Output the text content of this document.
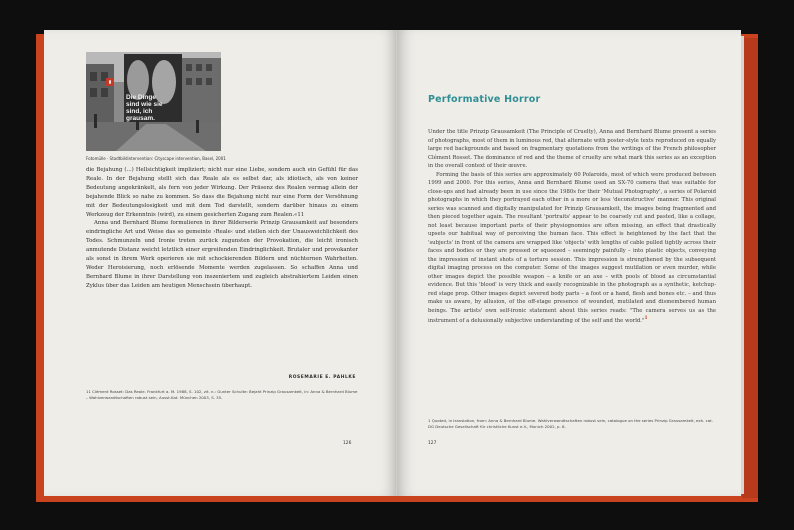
Die Dinge sind wie sie sind, ich grausam.
Fotomülle · Stadtbildintervention: Cityscape intervention, Basel, 2001
die Bejahung (...) Hellsichtigkeit impliziert; nicht nur eine Liebe, sondern auch ein Gefühl für das Reale. In der Bejahung stellt sich das Reale als es selbst dar, als idiotisch, als von keiner Bedeutung angekränkelt, als fern von jeder Wirkung. Der Präsenz des Realen vermag allein der bejahende Blick so nahe zu kommen. So dass die Bejahung nicht nur eine Form der Versöhnung mit der Bedeutungslosigkeit und mit dem Tod darstellt, sondern darüber hinaus zu einem Werkzeug der Erkenntnis (wird), zu einem gesicherten Zugang zum Realen.«11
Anna und Bernhard Blume formulieren in ihrer Bilderserie Prinzip Grausamkeit auf besonders eindringliche Art und Weise das so gemeinte ›Reale‹ und stellen sich der Unausweichlichkeit des Todes. Schmunzeln und Ironie treten zurück zugunsten der Provokation, die leicht ironisch anmutende Distanz weicht letztlich einer ergreifenden Eindringlichkeit. Brutaler und provokanter als sonst in ihrem Werk operieren sie mit schockierenden Bildern und nüchternen Wahrheiten. Weder Heroisierung, noch erlösende Momente werden zugelassen. So schaffen Anna und Bernhard Blume in ihrer Darstellung von inszeniertem und zugleich abstrahiertem Leiden einen Zyklus über das Leiden am heutigen Menschsein überhaupt.
ROSEMARIE E. PAHLKE
11 Clément Rosset: Das Reale. Frankfurt a. M. 1988, S. 102, zit. n.: Gunter Schulte: Bejaht Prinzip Grausamkeit, in: Anna & Bernhard Blume – Wahlverwandtschaften robust sein, Ausst.Kat. München 2003, S. 35.
126
Performative Horror
Under the title Prinzip Grausamkeit (The Principle of Cruelty), Anna and Bernhard Blume present a series of photographs, most of them in luminous red, that alternate with poster-style texts reproduced on equally large red backgrounds and based on fragmentary quotations from the writings of the French philosopher Clément Rosset. The dominance of red and the theme of cruelty are what mark this series as an exception in the overall context of their œuvre.
Forming the basis of this series are approximately 60 Polaroids, most of which were produced between 1999 and 2000. For this series, Anna and Bernhard Blume used an SX-70 camera that was suitable for close-ups and had already been in use since the 1980s for their 'Mutual Photography', a series of Polaroid photographs in which they portrayed each other in a more or less 'deconstructive' manner. This original series was scanned and digitally manipulated for Prinzip Grausamkeit, the images being fragmented and then pieced together again. The resultant 'portraits' appear to be coarsely cut and pasted, like a collage, not least because important parts of their physiognomies are often missing, an effect that drastically upsets our habitual way of perceiving the human face. This effect is heightened by the fact that the 'subjects' in front of the camera are wrapped like 'objects' with lengths of cable pulled tightly across their faces and bodies or they are pressed or squeezed – seemingly painfully – into plastic objects, conveying the impression of instant shots of a torture session. This impression is strengthened by the subsequent digital imaging process on the computer. Some of the images suggest mutilation or even murder, while other images depict the possible weapon – a knife or an axe – with pools of blood as circumstantial evidence. But this 'blood' is very thick and easily recognizable in the photograph as a synthetic, ketchup-red stage prop. Other images depict severed body parts – a foot or a hand, flesh and bones etc. – and thus make us aware, by allusion, of the off-stage presence of wounded, mutilated and dismembered human beings. The artists' own self-ironic statement about this series reads: "The camera serves us as the instrument of a delusionally subjective understanding of the self and the world."$^1$
1 Quoted, in translation, from: Anna & Bernhard Blume. Wahlverwandtschaften robust sein, catalogue on the series Prinzip Grausamkeit, exh. cat. DG Deutsche Gesellschaft für christliche Kunst e.V., Munich 2002, p. 8.
127
